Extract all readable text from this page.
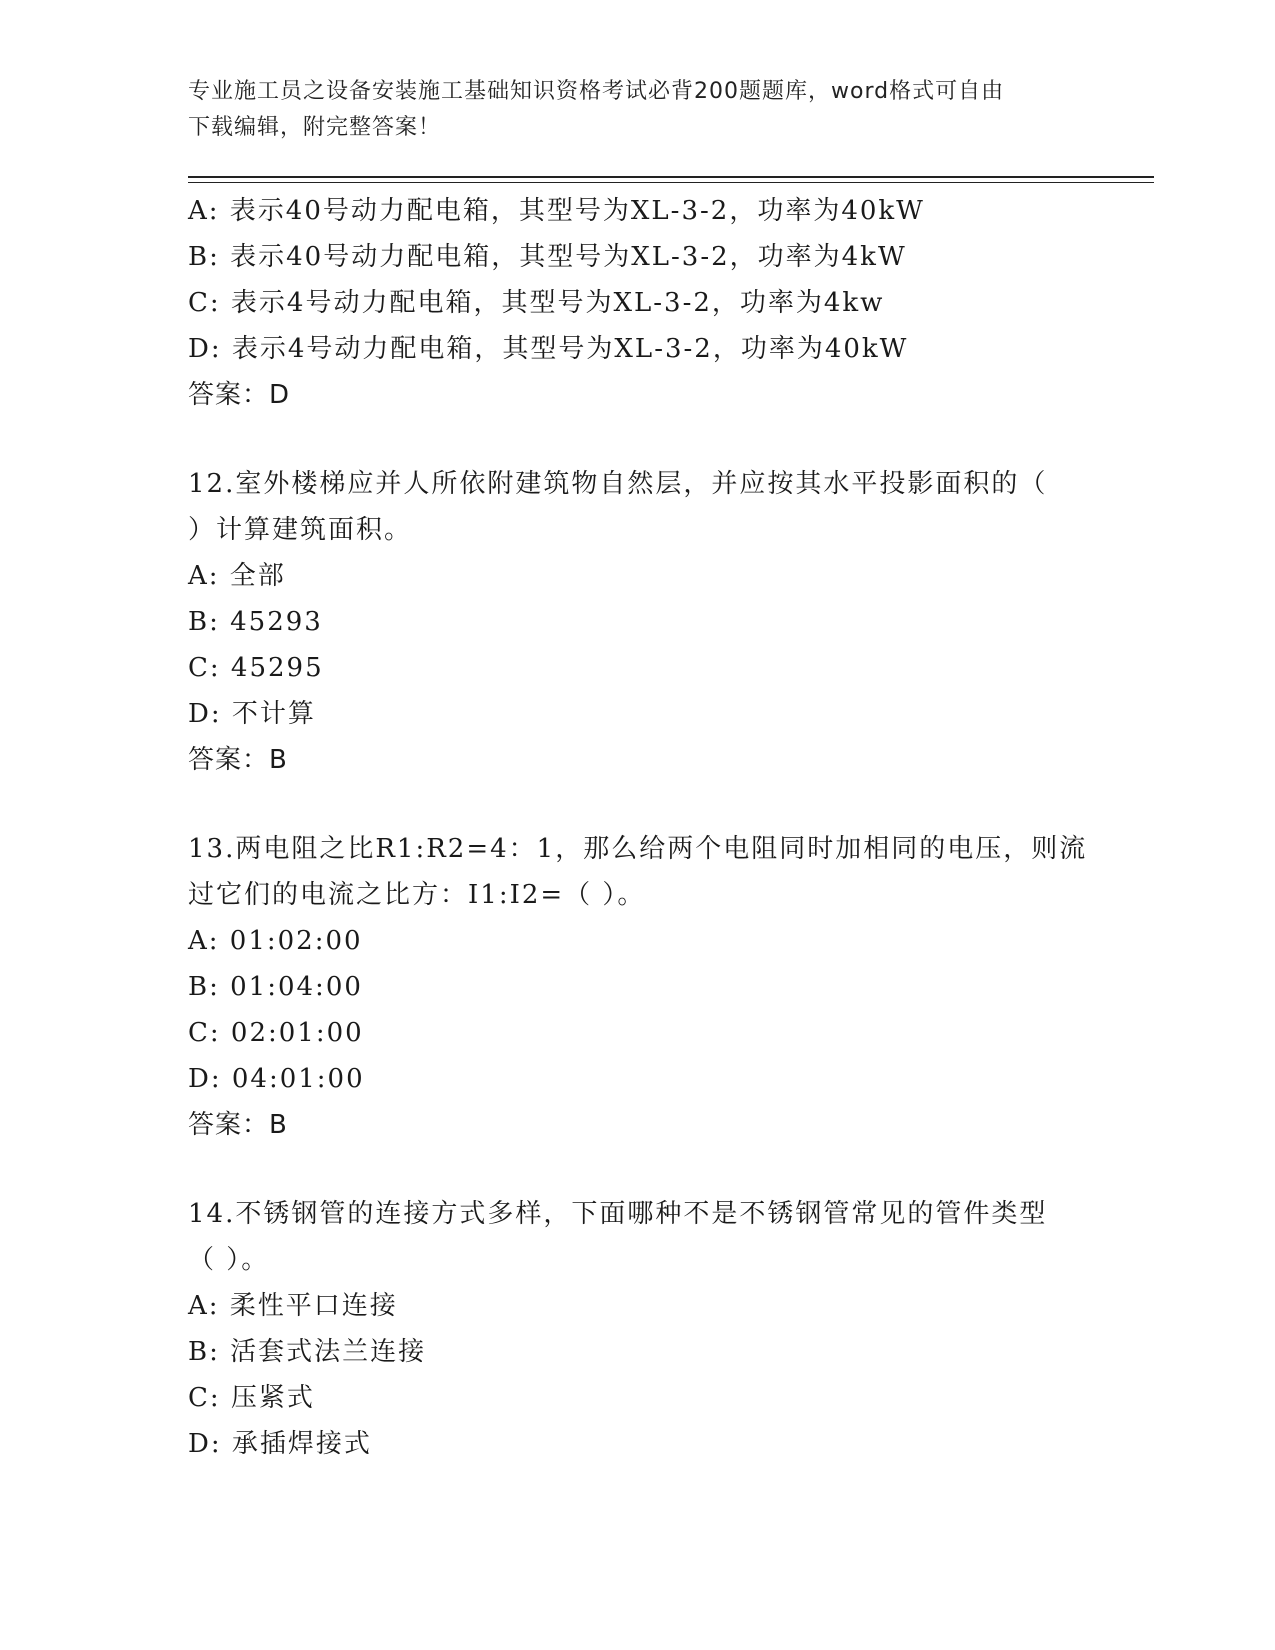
专业施工员之设备安装施工基础知识资格考试必背200题题库，word格式可自由
下载编辑，附完整答案！
A: 表示40号动力配电箱，其型号为XL-3-2，功率为40kW
B: 表示40号动力配电箱，其型号为XL-3-2，功率为4kW
C: 表示4号动力配电箱，其型号为XL-3-2，功率为4kw
D: 表示4号动力配电箱，其型号为XL-3-2，功率为40kW
答案：D
12.室外楼梯应并人所依附建筑物自然层，并应按其水平投影面积的（
）计算建筑面积。
A: 全部
B: 45293
C: 45295
D: 不计算
答案：B
13.两电阻之比R1:R2=4：1，那么给两个电阻同时加相同的电压，则流
过它们的电流之比方：I1:I2=（ ）。
A: 01:02:00
B: 01:04:00
C: 02:01:00
D: 04:01:00
答案：B
14.不锈钢管的连接方式多样，下面哪种不是不锈钢管常见的管件类型
（ ）。
A: 柔性平口连接
B: 活套式法兰连接
C: 压紧式
D: 承插焊接式
